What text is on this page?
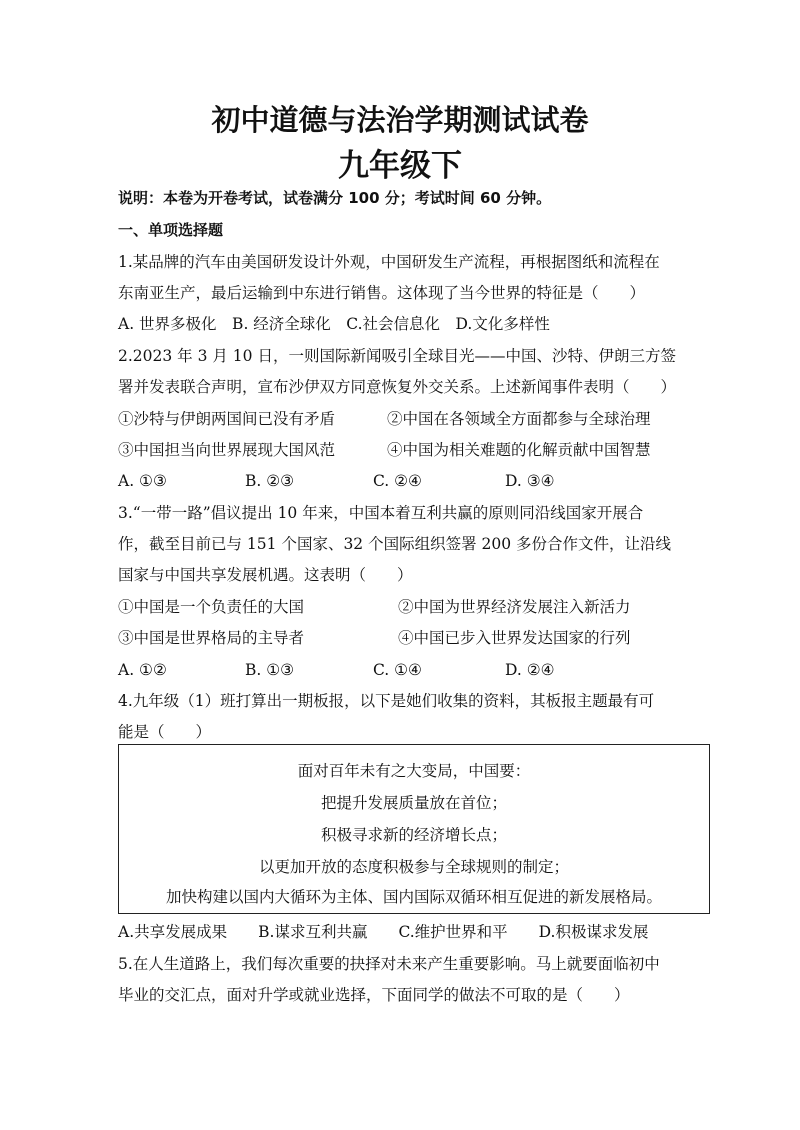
初中道德与法治学期测试试卷
九年级下
说明：本卷为开卷考试，试卷满分 100 分；考试时间 60 分钟。
一、单项选择题
1.某品牌的汽车由美国研发设计外观，中国研发生产流程，再根据图纸和流程在
东南亚生产，最后运输到中东进行销售。这体现了当今世界的特征是（　　）
A. 世界多极化　B. 经济全球化　C.社会信息化　D.文化多样性
2.2023 年 3 月 10 日，一则国际新闻吸引全球目光——中国、沙特、伊朗三方签
署并发表联合声明，宣布沙伊双方同意恢复外交关系。上述新闻事件表明（　　）
①沙特与伊朗两国间已没有矛盾	②中国在各领域全方面都参与全球治理
③中国担当向世界展现大国风范	④中国为相关难题的化解贡献中国智慧
A. ①③	B. ②③	C. ②④	D. ③④
3.“一带一路”倡议提出 10 年来，中国本着互利共赢的原则同沿线国家开展合
作，截至目前已与 151 个国家、32 个国际组织签署 200 多份合作文件，让沿线
国家与中国共享发展机遇。这表明（　　）
①中国是一个负责任的大国	②中国为世界经济发展注入新活力
③中国是世界格局的主导者	④中国已步入世界发达国家的行列
A. ①②	B. ①③	C. ①④	D. ②④
4.九年级（1）班打算出一期板报，以下是她们收集的资料，其板报主题最有可
能是（　　）
面对百年未有之大变局，中国要：
把提升发展质量放在首位；
积极寻求新的经济增长点；
以更加开放的态度积极参与全球规则的制定；
加快构建以国内大循环为主体、国内国际双循环相互促进的新发展格局。
A.共享发展成果　　B.谋求互利共赢　　C.维护世界和平　　D.积极谋求发展
5.在人生道路上，我们每次重要的抉择对未来产生重要影响。马上就要面临初中
毕业的交汇点，面对升学或就业选择，下面同学的做法不可取的是（　　）
